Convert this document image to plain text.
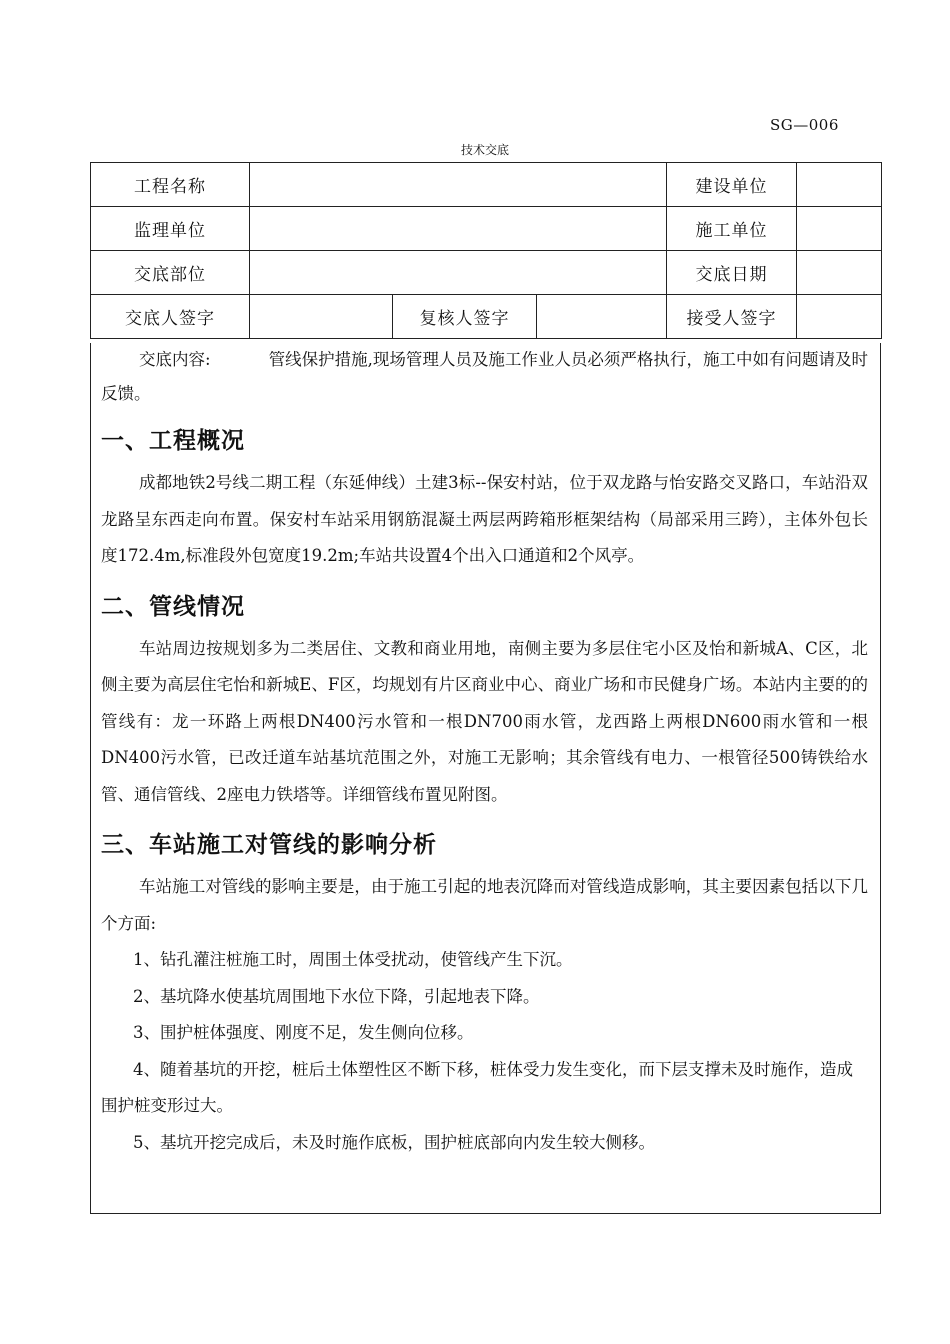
SG—006
技术交底
工程名称				建设单位	
监理单位				施工单位	
交底部位				交底日期	
交底人签字		复核人签字		接受人签字	

交底内容:	管线保护措施,现场管理人员及施工作业人员必须严格执行，施工中如有问题请及时反馈。

一、工程概况

成都地铁2号线二期工程（东延伸线）土建3标--保安村站，位于双龙路与怡安路交叉路口，车站沿双龙路呈东西走向布置。保安村车站采用钢筋混凝土两层两跨箱形框架结构（局部采用三跨），主体外包长度172.4m,标准段外包宽度19.2m;车站共设置4个出入口通道和2个风亭。

二、管线情况

车站周边按规划多为二类居住、文教和商业用地，南侧主要为多层住宅小区及怡和新城A、C区，北侧主要为高层住宅怡和新城E、F区，均规划有片区商业中心、商业广场和市民健身广场。本站内主要的的管线有：龙一环路上两根DN400污水管和一根DN700雨水管，龙西路上两根DN600雨水管和一根DN400污水管，已改迁道车站基坑范围之外，对施工无影响；其余管线有电力、一根管径500铸铁给水管、通信管线、2座电力铁塔等。详细管线布置见附图。

三、车站施工对管线的影响分析

车站施工对管线的影响主要是，由于施工引起的地表沉降而对管线造成影响，其主要因素包括以下几个方面:

1、钻孔灌注桩施工时，周围土体受扰动，使管线产生下沉。

2、基坑降水使基坑周围地下水位下降，引起地表下降。

3、围护桩体强度、刚度不足，发生侧向位移。

4、随着基坑的开挖，桩后土体塑性区不断下移，桩体受力发生变化，而下层支撑未及时施作，造成围护桩变形过大。

5、基坑开挖完成后，未及时施作底板，围护桩底部向内发生较大侧移。
